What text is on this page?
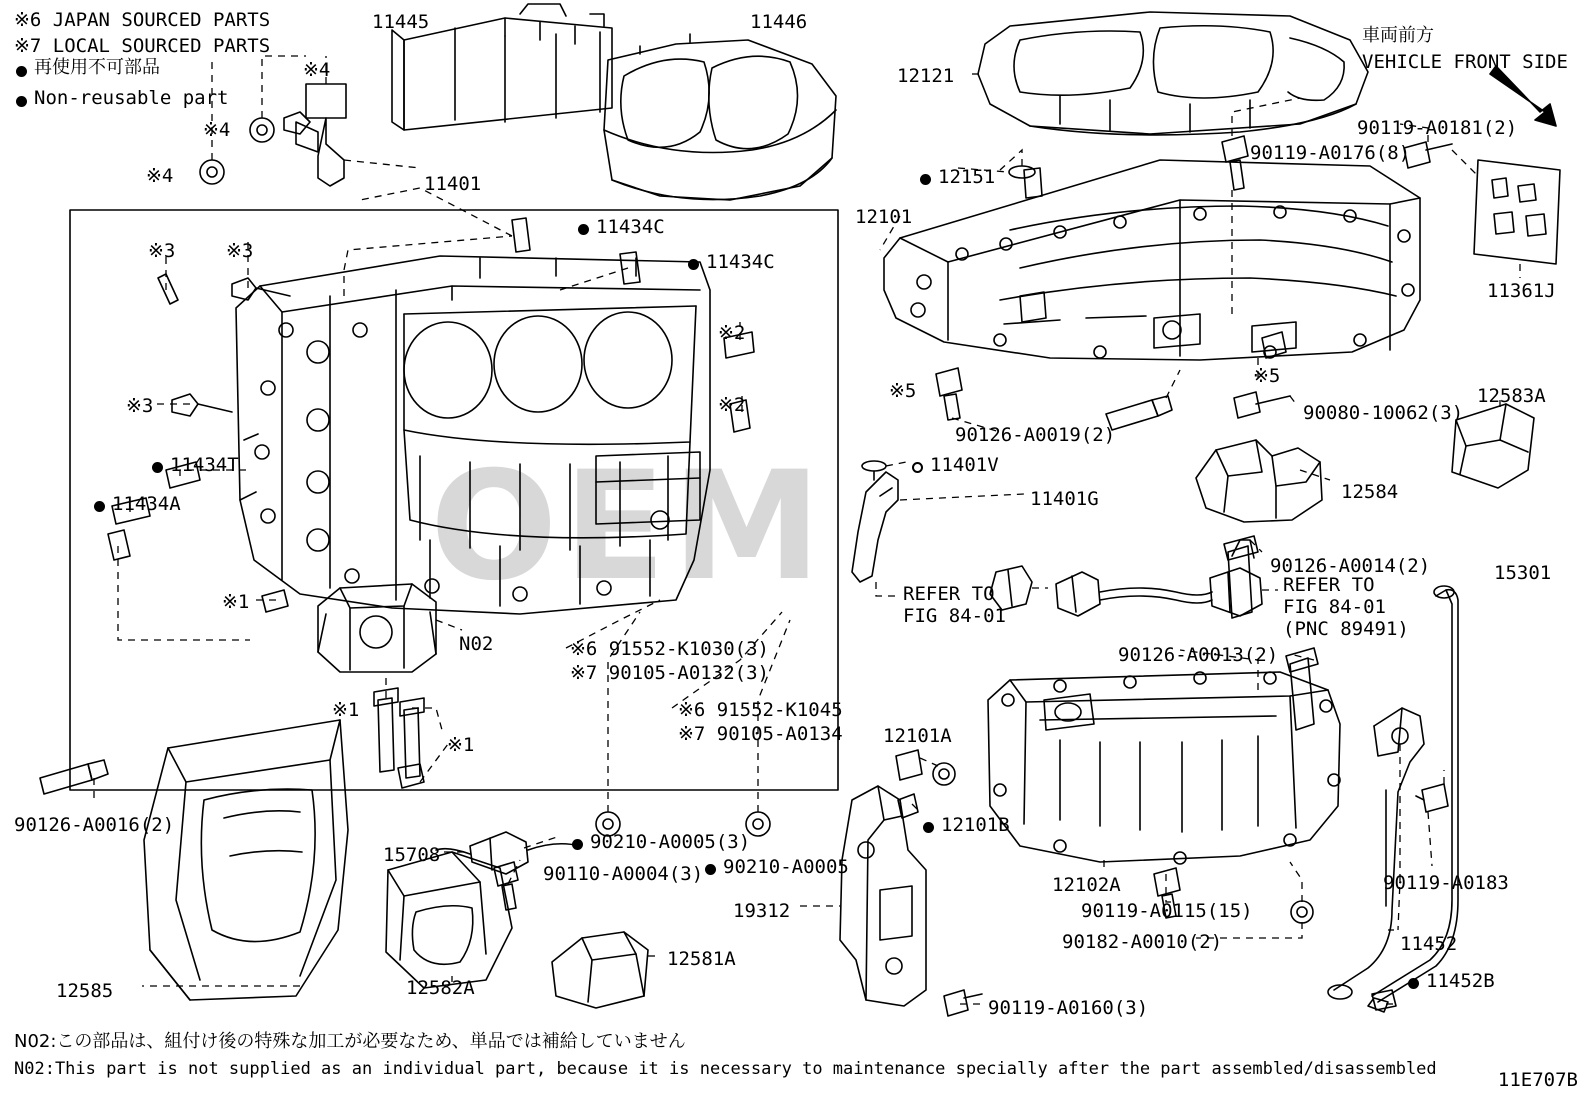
OEM
※6 JAPAN SOURCED PARTS
※7 LOCAL SOURCED PARTS
再使用不可部品
Non-reusable part
車両前方
VEHICLE FRONT SIDE
11445	11446
12121
90119-A0181(2)
90119-A0176(8)
※4
※4
※4	11401	12151
12101
11361J
11434C
11434C
※3	※3
※2
※2
※3
※5
※5
90080-10062(3)
90126-A0019(2)
12583A
12584
11434T
11434A
11401V
11401G
90126-A0014(2)	15301
REFER TO
FIG 84-01
REFER TO
FIG 84-01
(PNC 89491)
N02
※1
※1
※1
※6 91552-K1030(3)
※7 90105-A0132(3)
※6 91552-K1045
※7 90105-A0134
90126-A0013(2)
12101A
12101B
90126-A0016(2)
15708
90210-A0005(3)
90110-A0004(3) 90210-A0005
12102A	90119-A0183
90119-A0115(15)
90182-A0010(2)	11452
19312
12581A
12585	12582A	11452B
90119-A0160(3)
N02:この部品は、組付け後の特殊な加工が必要なため、単品では補給していません
N02:This part is not supplied as an individual part, because it is necessary to maintenance specially after the part assembled/disassembled	11E707B
